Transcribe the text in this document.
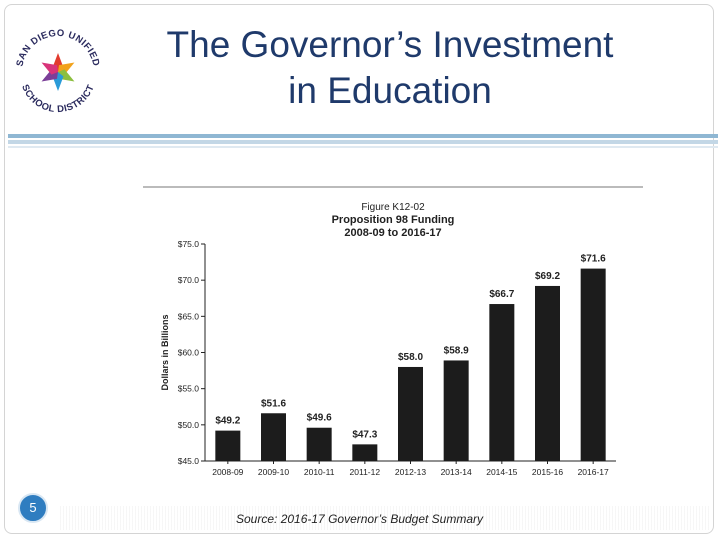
SAN DIEGO UNIFIED
SCHOOL DISTRICT
The Governor’s Investment
in Education
Figure K12-02
Proposition 98 Funding
2008-09 to 2016-17
$45.0
$50.0
$55.0
$60.0
$65.0
$70.0
$75.0
Dollars in Billions
$49.2
2008-09
$51.6
2009-10
$49.6
2010-11
$47.3
2011-12
$58.0
2012-13
$58.9
2013-14
$66.7
2014-15
$69.2
2015-16
$71.6
2016-17
5
Source: 2016-17 Governor’s Budget Summary
